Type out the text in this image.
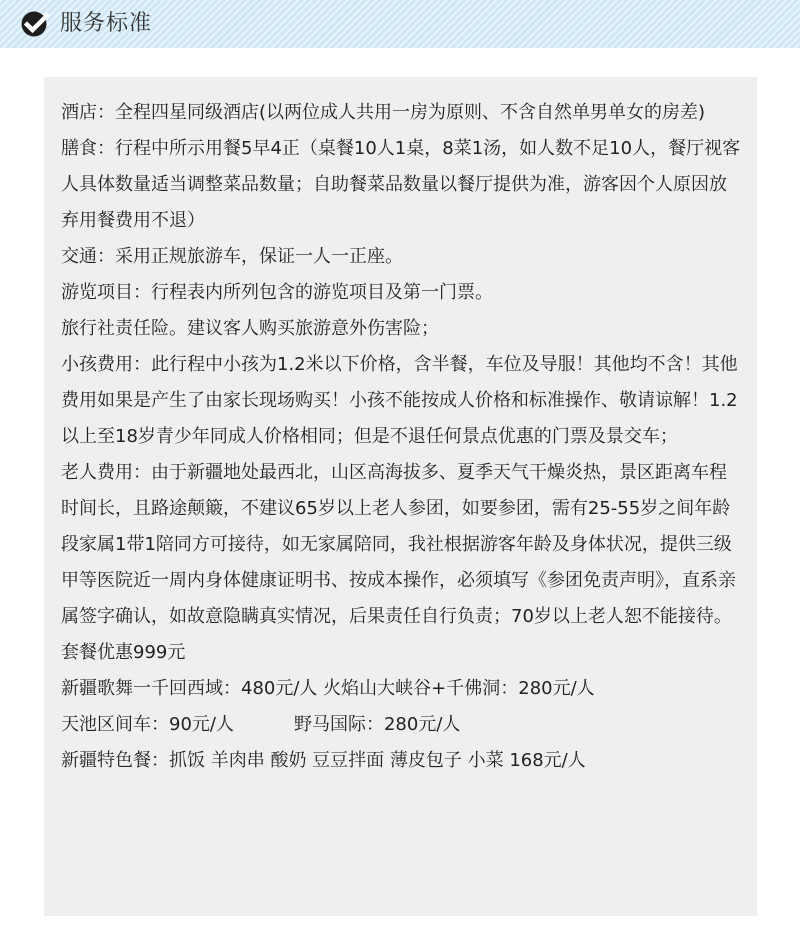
服务标准

酒店：全程四星同级酒店(以两位成人共用一房为原则、不含自然单男单女的房差)

膳食：行程中所示用餐5早4正（桌餐10人1桌，8菜1汤，如人数不足10人，餐厅视客人具体数量适当调整菜品数量；自助餐菜品数量以餐厅提供为准，游客因个人原因放弃用餐费用不退）

交通：采用正规旅游车，保证一人一正座。

游览项目：行程表内所列包含的游览项目及第一门票。

旅行社责任险。建议客人购买旅游意外伤害险；

小孩费用：此行程中小孩为1.2米以下价格，含半餐，车位及导服！其他均不含！其他费用如果是产生了由家长现场购买！小孩不能按成人价格和标准操作、敬请谅解！1.2以上至18岁青少年同成人价格相同；但是不退任何景点优惠的门票及景交车；

老人费用：由于新疆地处最西北，山区高海拔多、夏季天气干燥炎热，景区距离车程时间长，且路途颠簸，不建议65岁以上老人参团，如要参团，需有25-55岁之间年龄段家属1带1陪同方可接待，如无家属陪同，我社根据游客年龄及身体状况，提供三级甲等医院近一周内身体健康证明书、按成本操作，必须填写《参团免责声明》，直系亲属签字确认，如故意隐瞒真实情况，后果责任自行负责；70岁以上老人恕不能接待。

套餐优惠999元

新疆歌舞一千回西域：480元/人 火焰山大峡谷+千佛洞：280元/人

天池区间车：90元/人	野马国际：280元/人

新疆特色餐：抓饭 羊肉串 酸奶 豆豆拌面 薄皮包子 小菜 168元/人
